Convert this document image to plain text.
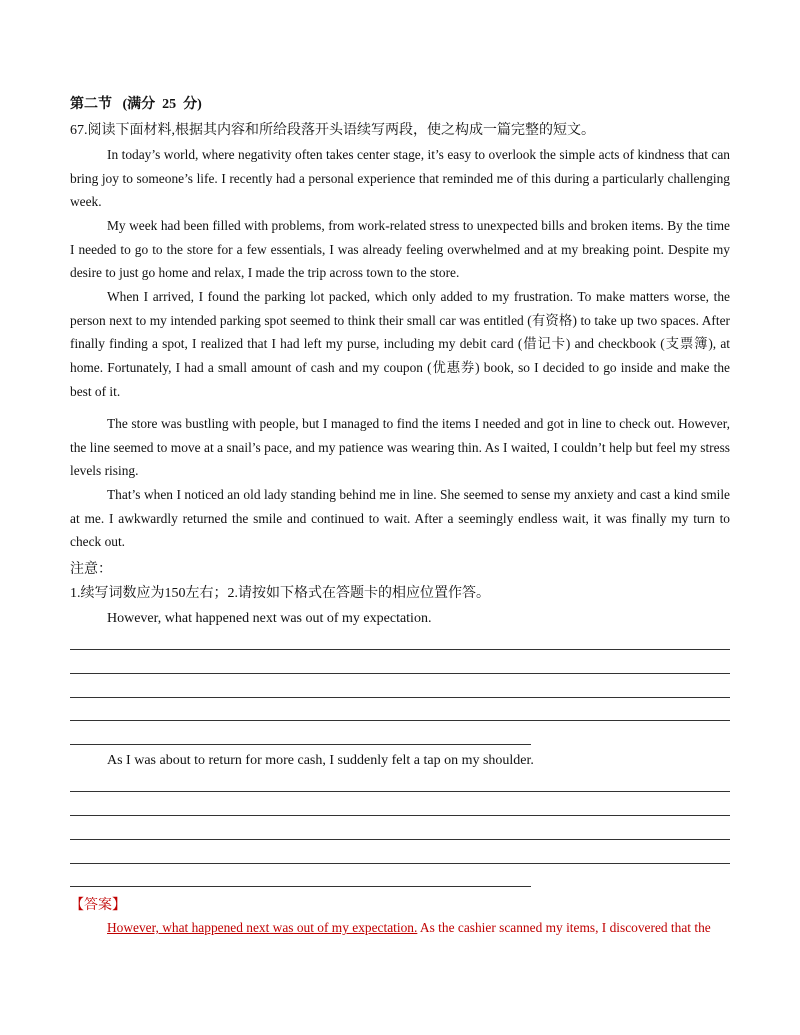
第二节   (满分  25  分)
67.阅读下面材料,根据其内容和所给段落开头语续写两段，使之构成一篇完整的短文。
In today’s world, where negativity often takes center stage, it’s easy to overlook the simple acts of kindness that can bring joy to someone’s life. I recently had a personal experience that reminded me of this during a particularly challenging week.
My week had been filled with problems, from work-related stress to unexpected bills and broken items. By the time I needed to go to the store for a few essentials, I was already feeling overwhelmed and at my breaking point. Despite my desire to just go home and relax, I made the trip across town to the store.
When I arrived, I found the parking lot packed, which only added to my frustration. To make matters worse, the person next to my intended parking spot seemed to think their small car was entitled (有资格) to take up two spaces. After finally finding a spot, I realized that I had left my purse, including my debit card (借记卡) and checkbook (支票簿), at home. Fortunately, I had a small amount of cash and my coupon (优惠券) book, so I decided to go inside and make the best of it.
The store was bustling with people, but I managed to find the items I needed and got in line to check out. However, the line seemed to move at a snail’s pace, and my patience was wearing thin. As I waited, I couldn’t help but feel my stress levels rising.
That’s when I noticed an old lady standing behind me in line. She seemed to sense my anxiety and cast a kind smile at me. I awkwardly returned the smile and continued to wait. After a seemingly endless wait, it was finally my turn to check out.
注意：
1.续写词数应为150左右；2.请按如下格式在答题卡的相应位置作答。
However, what happened next was out of my expectation.
As I was about to return for more cash, I suddenly felt a tap on my shoulder.
【答案】
However, what happened next was out of my expectation. As the cashier scanned my items, I discovered that the
